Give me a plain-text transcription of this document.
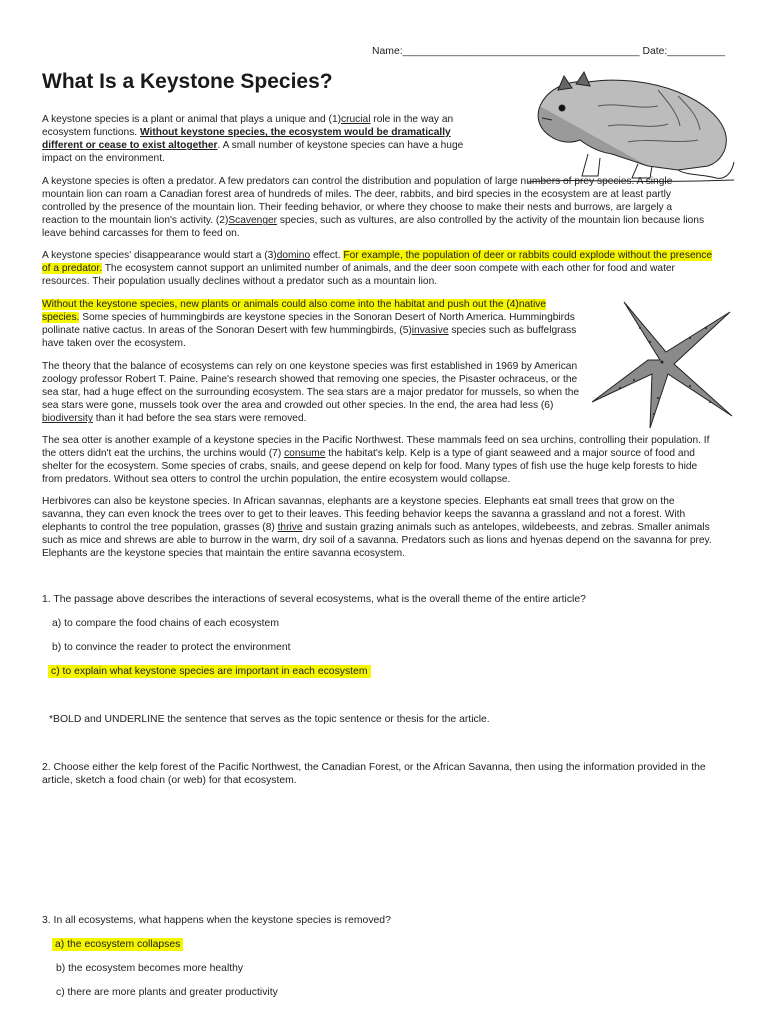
Name:_________________________________________ Date:__________
What Is a Keystone Species?

A keystone species is a plant or animal that plays a unique and (1)crucial role in the way an ecosystem functions. Without keystone species, the ecosystem would be dramatically different or cease to exist altogether. A small number of keystone species can have a huge impact on the environment.

A keystone species is often a predator. A few predators can control the distribution and population of large numbers of prey species. A single mountain lion can roam a Canadian forest area of hundreds of miles. The deer, rabbits, and bird species in the ecosystem are at least partly controlled by the presence of the mountain lion. Their feeding behavior, or where they choose to make their nests and burrows, are largely a reaction to the mountain lion's activity. (2)Scavenger species, such as vultures, are also controlled by the activity of the mountain lion because lions leave behind carcasses for them to feed on.

A keystone species' disappearance would start a (3)domino effect. For example, the population of deer or rabbits could explode without the presence of a predator. The ecosystem cannot support an unlimited number of animals, and the deer soon compete with each other for food and water resources. Their population usually declines without a predator such as a mountain lion.

Without the keystone species, new plants or animals could also come into the habitat and push out the (4)native species. Some species of hummingbirds are keystone species in the Sonoran Desert of North America. Hummingbirds pollinate native cactus. In areas of the Sonoran Desert with few hummingbirds, (5)invasive species such as buffelgrass have taken over the ecosystem.

The theory that the balance of ecosystems can rely on one keystone species was first established in 1969 by American zoology professor Robert T. Paine. Paine's research showed that removing one species, the Pisaster ochraceus, or the sea star, had a huge effect on the surrounding ecosystem. The sea stars are a major predator for mussels, so when the sea stars were gone, mussels took over the area and crowded out other species. In the end, the area had less (6) biodiversity than it had before the sea stars were removed.

The sea otter is another example of a keystone species in the Pacific Northwest. These mammals feed on sea urchins, controlling their population. If the otters didn't eat the urchins, the urchins would (7) consume the habitat's kelp. Kelp is a type of giant seaweed and a major source of food and shelter for the ecosystem. Some species of crabs, snails, and geese depend on kelp for food. Many types of fish use the huge kelp forests to hide from predators. Without sea otters to control the urchin population, the entire ecosystem would collapse.

Herbivores can also be keystone species. In African savannas, elephants are a keystone species. Elephants eat small trees that grow on the savanna, they can even knock the trees over to get to their leaves. This feeding behavior keeps the savanna a grassland and not a forest. With elephants to control the tree population, grasses (8) thrive and sustain grazing animals such as antelopes, wildebeests, and zebras. Smaller animals such as mice and shrews are able to burrow in the warm, dry soil of a savanna. Predators such as lions and hyenas depend on the savanna for prey. Elephants are the keystone species that maintain the entire savanna ecosystem.

1. The passage above describes the interactions of several ecosystems, what is the overall theme of the entire article?
a) to compare the food chains of each ecosystem
b) to convince the reader to protect the environment
c) to explain what keystone species are important in each ecosystem
*BOLD and UNDERLINE the sentence that serves as the topic sentence or thesis for the article.
2. Choose either the kelp forest of the Pacific Northwest, the Canadian Forest, or the African Savanna, then using the information provided in the article, sketch a food chain (or web) for that ecosystem.
3. In all ecosystems, what happens when the keystone species is removed?
a) the ecosystem collapses
b) the ecosystem becomes more healthy
c) there are more plants and greater productivity
